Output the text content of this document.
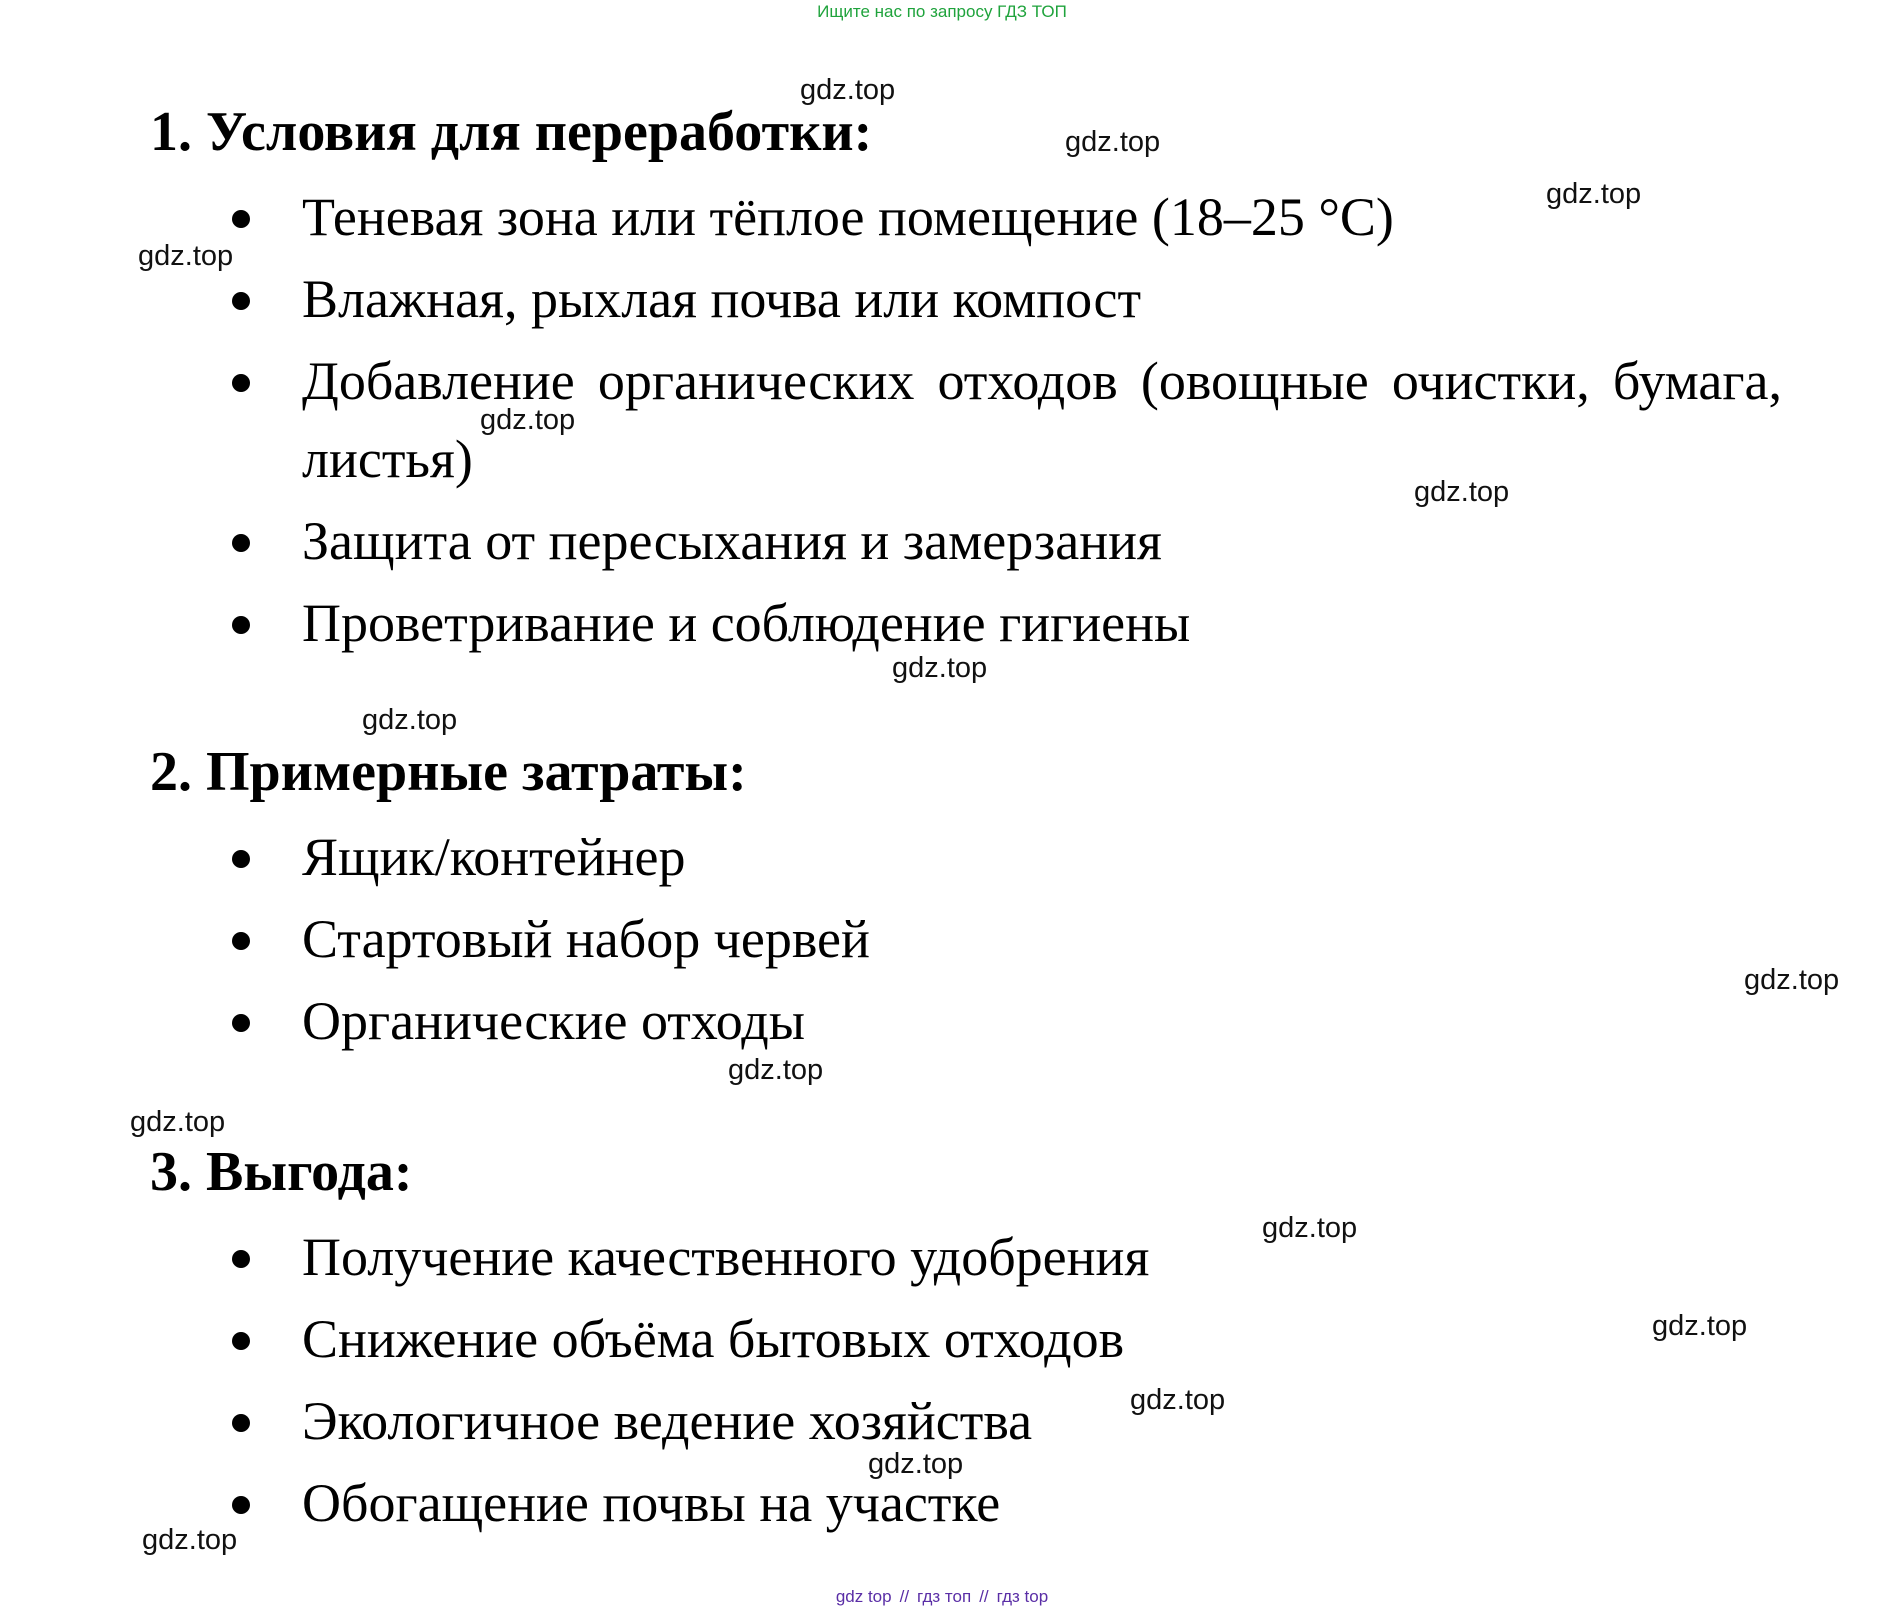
Ищите нас по запросу ГДЗ ТОП
1. Условия для переработки:
Теневая зона или тёплое помещение (18–25 °С)
Влажная, рыхлая почва или компост
Добавление органических отходов (овощные очистки, бумага, листья)
Защита от пересыхания и замерзания
Проветривание и соблюдение гигиены
2. Примерные затраты:
Ящик/контейнер
Стартовый набор червей
Органические отходы
3. Выгода:
Получение качественного удобрения
Снижение объёма бытовых отходов
Экологичное ведение хозяйства
Обогащение почвы на участке
gdz.top
gdz.top
gdz.top
gdz.top
gdz.top
gdz.top
gdz.top
gdz.top
gdz.top
gdz.top
gdz.top
gdz.top
gdz.top
gdz.top
gdz.top
gdz.top

gdz top // гдз топ // гдз top
